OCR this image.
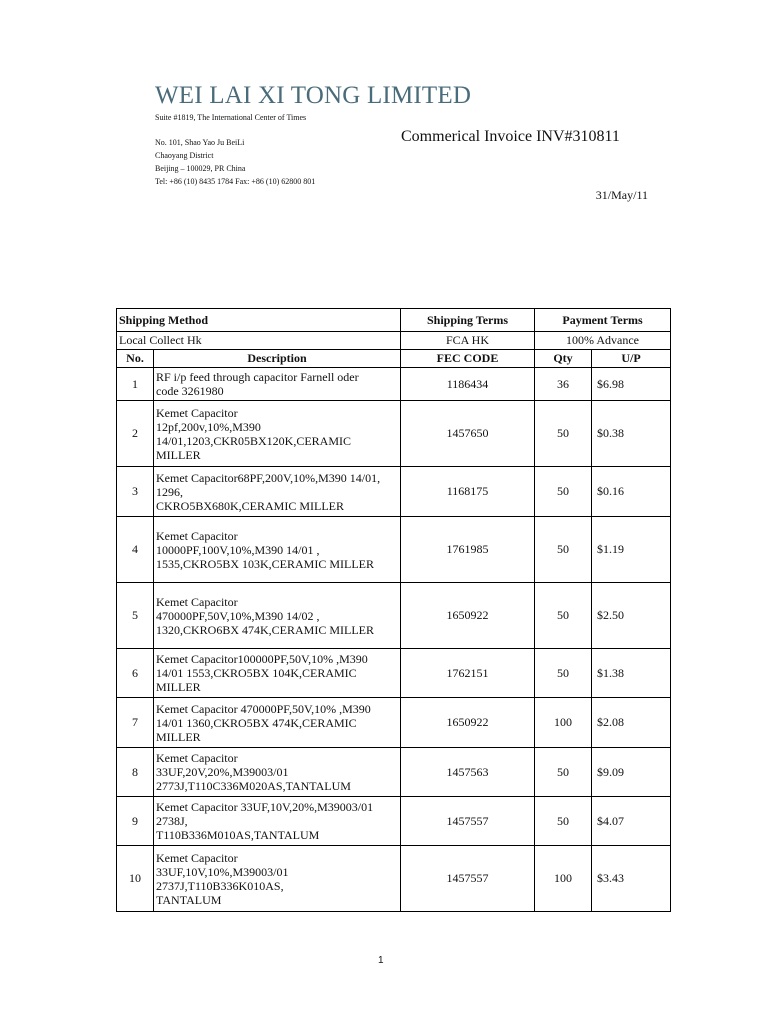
WEI LAI XI TONG LIMITED
Suite #1819, The International Center of Times
No. 101, Shao Yao Ju BeiLi
Chaoyang District
Beijing – 100029, PR China
Tel: +86 (10) 8435 1784 Fax: +86 (10) 62800 801
Commerical Invoice INV#310811
31/May/11
Shipping Method		Shipping Terms	Payment Terms	
Local Collect Hk		FCA HK	100% Advance	
No.	Description	FEC CODE	Qty	U/P
1	RF i/p feed through capacitor Farnell oder
code 3261980	1186434	36	$6.98
2	Kemet Capacitor
12pf,200v,10%,M390
14/01,1203,CKR05BX120K,CERAMIC
MILLER	1457650	50	$0.38
3	Kemet Capacitor68PF,200V,10%,M390 14/01,
1296,
CKRO5BX680K,CERAMIC MILLER	1168175	50	$0.16
4	Kemet Capacitor
10000PF,100V,10%,M390 14/01 ,
1535,CKRO5BX 103K,CERAMIC MILLER	1761985	50	$1.19
5	Kemet Capacitor
470000PF,50V,10%,M390 14/02 ,
1320,CKRO6BX 474K,CERAMIC MILLER	1650922	50	$2.50
6	Kemet Capacitor100000PF,50V,10% ,M390
14/01 1553,CKRO5BX 104K,CERAMIC
MILLER	1762151	50	$1.38
7	Kemet Capacitor 470000PF,50V,10% ,M390
14/01 1360,CKRO5BX 474K,CERAMIC
MILLER	1650922	100	$2.08
8	Kemet Capacitor
33UF,20V,20%,M39003/01
2773J,T110C336M020AS,TANTALUM	1457563	50	$9.09
9	Kemet Capacitor 33UF,10V,20%,M39003/01
2738J,
T110B336M010AS,TANTALUM	1457557	50	$4.07
10	Kemet Capacitor
33UF,10V,10%,M39003/01
2737J,T110B336K010AS,
TANTALUM	1457557	100	$3.43
1
